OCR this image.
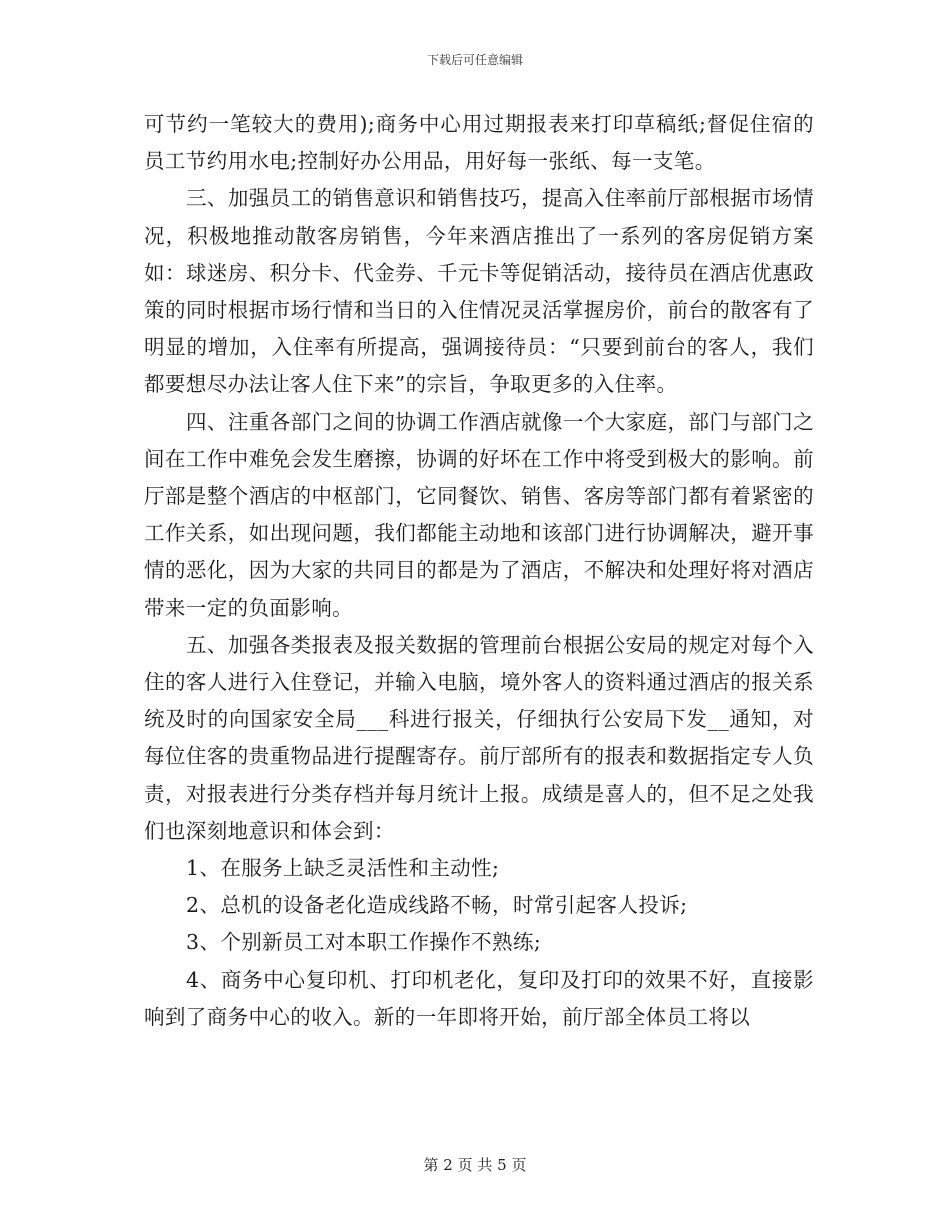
下载后可任意编辑

可节约一笔较大的费用);商务中心用过期报表来打印草稿纸;督促住宿的员工节约用水电;控制好办公用品，用好每一张纸、每一支笔。

三、加强员工的销售意识和销售技巧，提高入住率前厅部根据市场情况，积极地推动散客房销售，今年来酒店推出了一系列的客房促销方案如：球迷房、积分卡、代金券、千元卡等促销活动，接待员在酒店优惠政策的同时根据市场行情和当日的入住情况灵活掌握房价，前台的散客有了明显的增加，入住率有所提高，强调接待员：“只要到前台的客人，我们都要想尽办法让客人住下来”的宗旨，争取更多的入住率。

四、注重各部门之间的协调工作酒店就像一个大家庭，部门与部门之间在工作中难免会发生磨擦，协调的好坏在工作中将受到极大的影响。前厅部是整个酒店的中枢部门，它同餐饮、销售、客房等部门都有着紧密的工作关系，如出现问题，我们都能主动地和该部门进行协调解决，避开事情的恶化，因为大家的共同目的都是为了酒店，不解决和处理好将对酒店带来一定的负面影响。

五、加强各类报表及报关数据的管理前台根据公安局的规定对每个入住的客人进行入住登记，并输入电脑，境外客人的资料通过酒店的报关系统及时的向国家安全局___科进行报关，仔细执行公安局下发__通知，对每位住客的贵重物品进行提醒寄存。前厅部所有的报表和数据指定专人负责，对报表进行分类存档并每月统计上报。成绩是喜人的，但不足之处我们也深刻地意识和体会到：

1、在服务上缺乏灵活性和主动性;

2、总机的设备老化造成线路不畅，时常引起客人投诉;

3、个别新员工对本职工作操作不熟练;

4、商务中心复印机、打印机老化，复印及打印的效果不好，直接影响到了商务中心的收入。新的一年即将开始，前厅部全体员工将以

第 2 页 共 5 页
